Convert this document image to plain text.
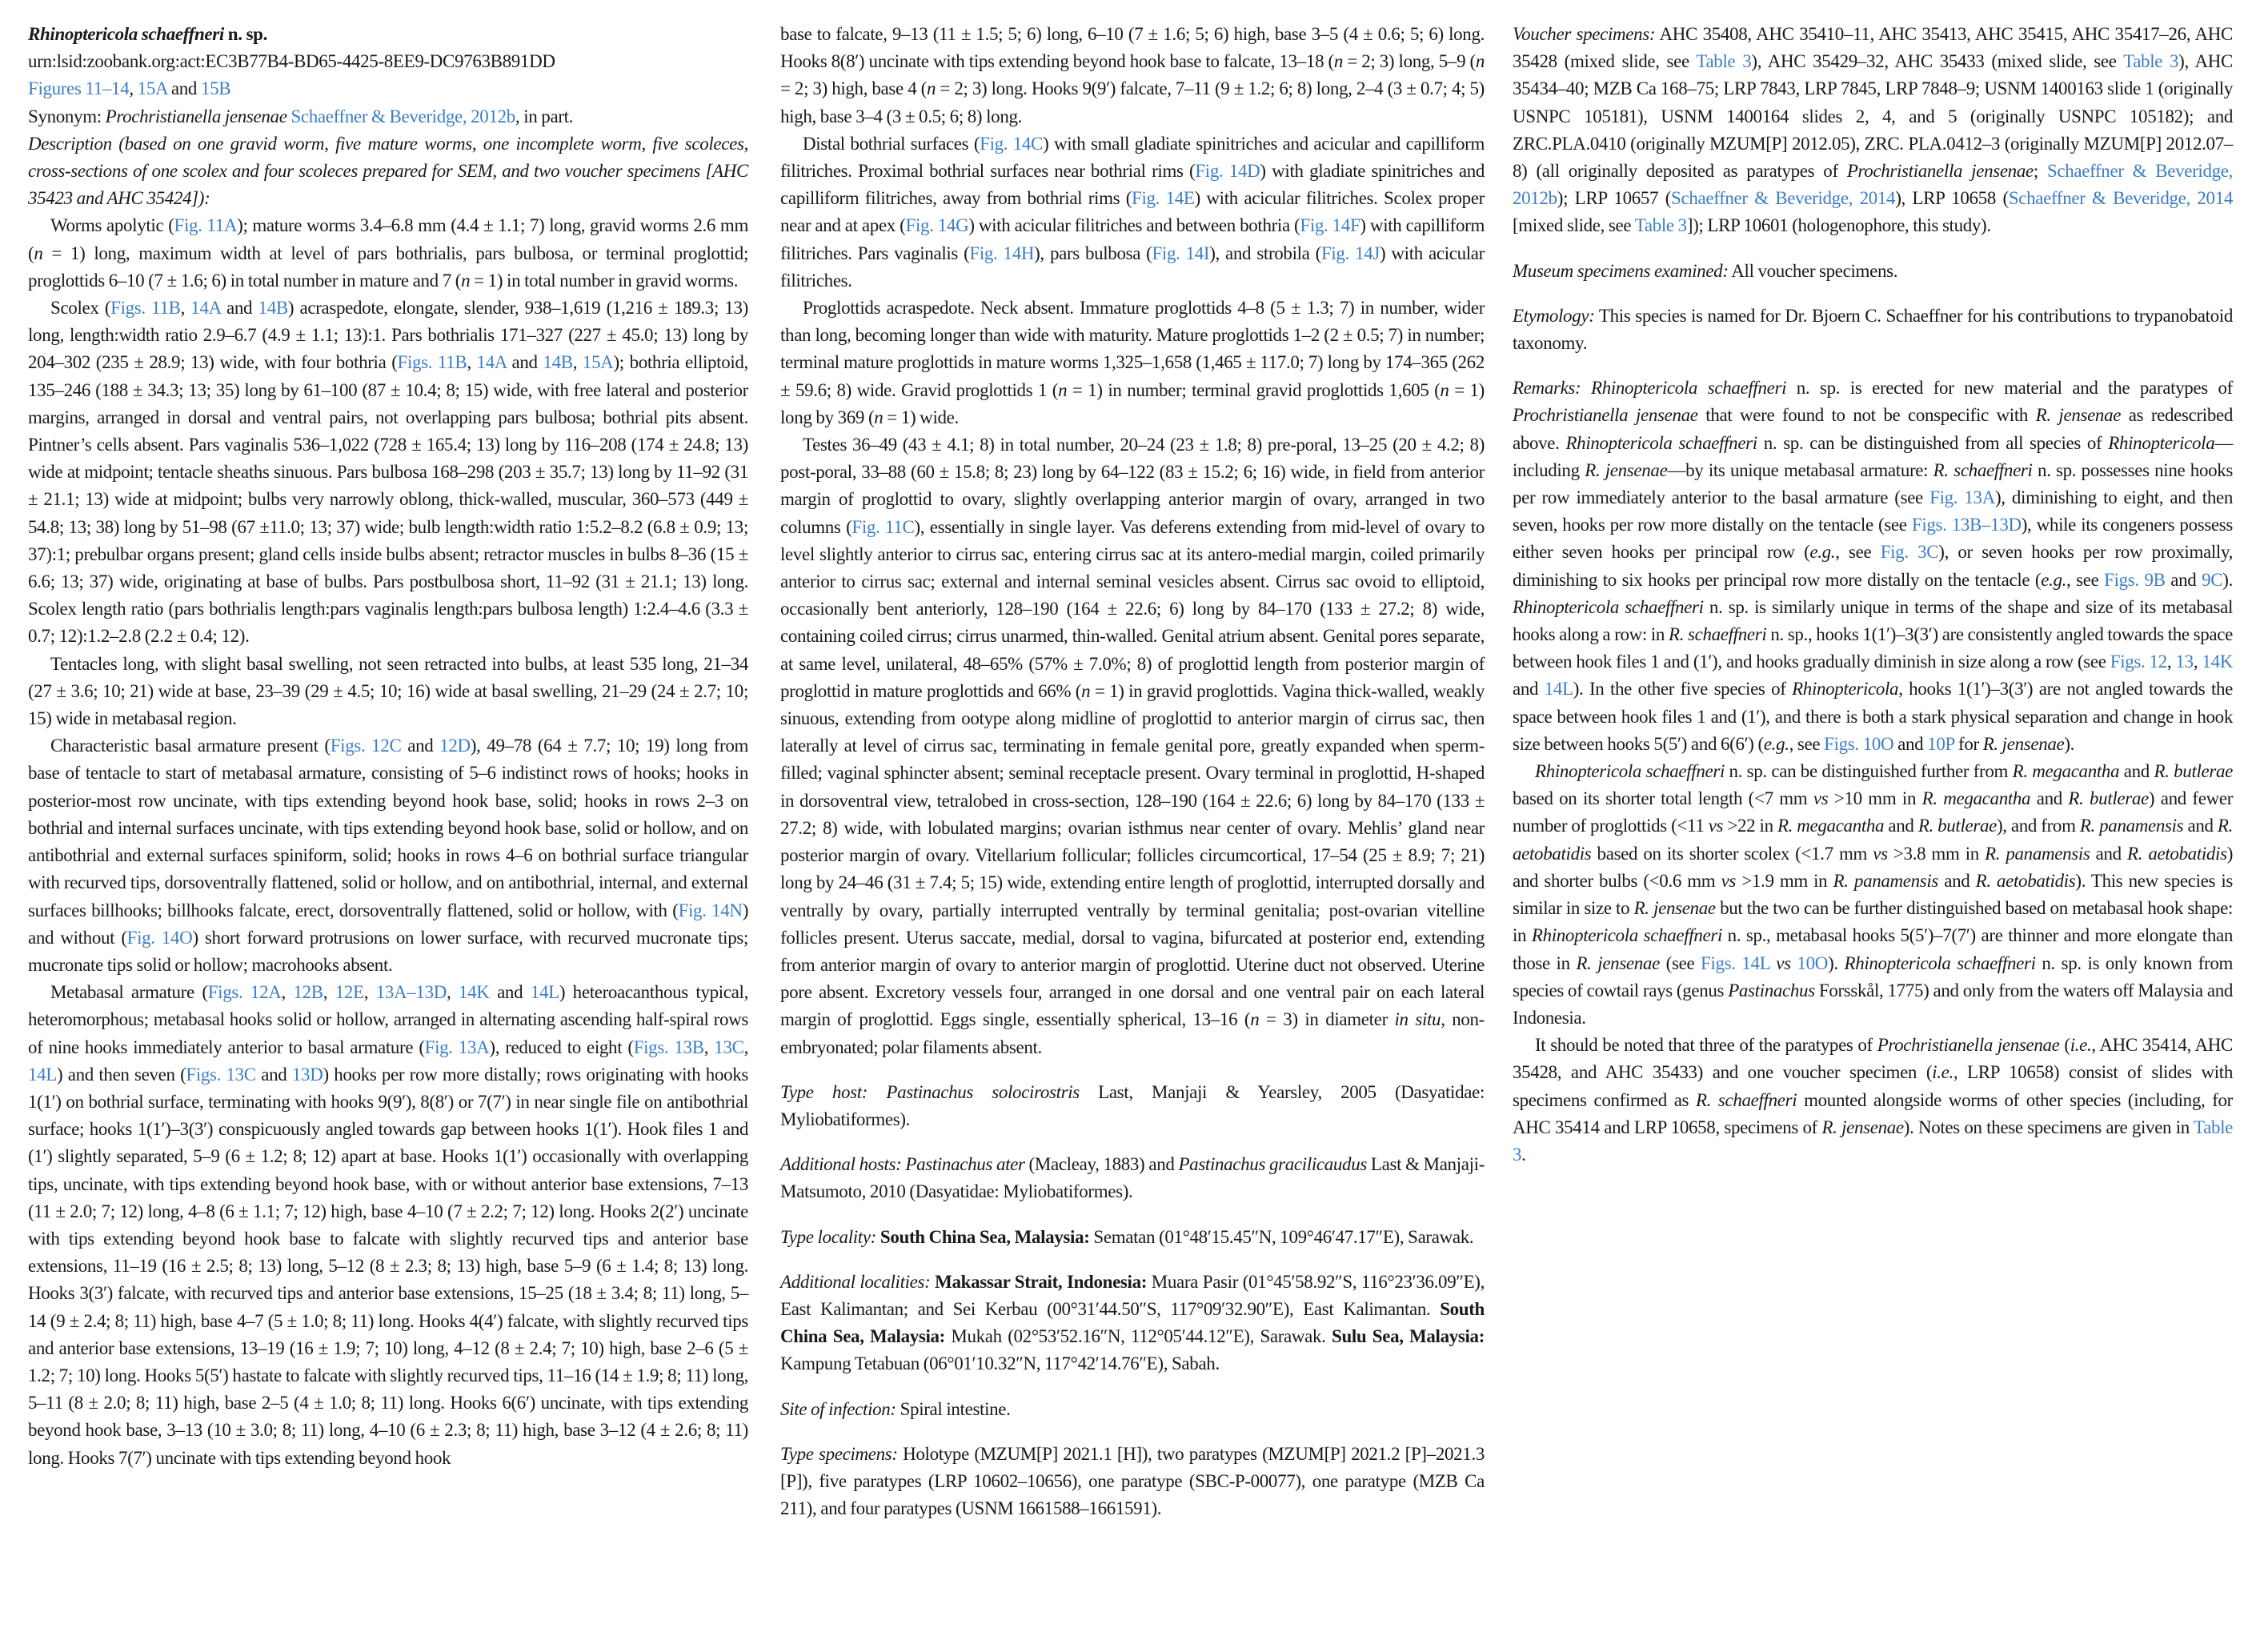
Rhinoptericola schaeffneri n. sp.

urn:lsid:zoobank.org:act:EC3B77B4-BD65-4425-8EE9-DC9763B891DD

Figures 11–14, 15A and 15B

Synonym: Prochristianella jensenae Schaeffner & Beveridge, 2012b, in part.

Description (based on one gravid worm, five mature worms, one incomplete worm, five scoleces, cross-sections of one scolex and four scoleces prepared for SEM, and two voucher specimens [AHC 35423 and AHC 35424]):

Worms apolytic (Fig. 11A); mature worms 3.4–6.8 mm (4.4 ± 1.1; 7) long, gravid worms 2.6 mm (n = 1) long, maximum width at level of pars bothrialis, pars bulbosa, or terminal proglottid; proglottids 6–10 (7 ± 1.6; 6) in total number in mature and 7 (n = 1) in total number in gravid worms.

Scolex (Figs. 11B, 14A and 14B) acraspedote, elongate, slender, 938–1,619 (1,216 ± 189.3; 13) long, length:width ratio 2.9–6.7 (4.9 ± 1.1; 13):1. Pars bothrialis 171–327 (227 ± 45.0; 13) long by 204–302 (235 ± 28.9; 13) wide, with four bothria (Figs. 11B, 14A and 14B, 15A); bothria elliptoid, 135–246 (188 ± 34.3; 13; 35) long by 61–100 (87 ± 10.4; 8; 15) wide, with free lateral and posterior margins, arranged in dorsal and ventral pairs, not overlapping pars bulbosa; bothrial pits absent. Pintner’s cells absent. Pars vaginalis 536–1,022 (728 ± 165.4; 13) long by 116–208 (174 ± 24.8; 13) wide at midpoint; tentacle sheaths sinuous. Pars bulbosa 168–298 (203 ± 35.7; 13) long by 11–92 (31 ± 21.1; 13) wide at midpoint; bulbs very narrowly oblong, thick-walled, muscular, 360–573 (449 ± 54.8; 13; 38) long by 51–98 (67 ±11.0; 13; 37) wide; bulb length:width ratio 1:5.2–8.2 (6.8 ± 0.9; 13; 37):1; prebulbar organs present; gland cells inside bulbs absent; retractor muscles in bulbs 8–36 (15 ± 6.6; 13; 37) wide, originating at base of bulbs. Pars postbulbosa short, 11–92 (31 ± 21.1; 13) long. Scolex length ratio (pars bothrialis length:pars vaginalis length:pars bulbosa length) 1:2.4–4.6 (3.3 ± 0.7; 12):1.2–2.8 (2.2 ± 0.4; 12).

Tentacles long, with slight basal swelling, not seen retracted into bulbs, at least 535 long, 21–34 (27 ± 3.6; 10; 21) wide at base, 23–39 (29 ± 4.5; 10; 16) wide at basal swelling, 21–29 (24 ± 2.7; 10; 15) wide in metabasal region.

Characteristic basal armature present (Figs. 12C and 12D), 49–78 (64 ± 7.7; 10; 19) long from base of tentacle to start of metabasal armature, consisting of 5–6 indistinct rows of hooks; hooks in posterior-most row uncinate, with tips extending beyond hook base, solid; hooks in rows 2–3 on bothrial and internal surfaces uncinate, with tips extending beyond hook base, solid or hollow, and on antibothrial and external surfaces spiniform, solid; hooks in rows 4–6 on bothrial surface triangular with recurved tips, dorsoventrally flattened, solid or hollow, and on antibothrial, internal, and external surfaces billhooks; billhooks falcate, erect, dorsoventrally flattened, solid or hollow, with (Fig. 14N) and without (Fig. 14O) short forward protrusions on lower surface, with recurved mucronate tips; mucronate tips solid or hollow; macrohooks absent.

Metabasal armature (Figs. 12A, 12B, 12E, 13A–13D, 14K and 14L) heteroacanthous typical, heteromorphous; metabasal hooks solid or hollow, arranged in alternating ascending half-spiral rows of nine hooks immediately anterior to basal armature (Fig. 13A), reduced to eight (Figs. 13B, 13C, 14L) and then seven (Figs. 13C and 13D) hooks per row more distally; rows originating with hooks 1(1′) on bothrial surface, terminating with hooks 9(9′), 8(8′) or 7(7′) in near single file on antibothrial surface; hooks 1(1′)–3(3′) conspicuously angled towards gap between hooks 1(1′). Hook files 1 and (1′) slightly separated, 5–9 (6 ± 1.2; 8; 12) apart at base. Hooks 1(1′) occasionally with overlapping tips, uncinate, with tips extending beyond hook base, with or without anterior base extensions, 7–13 (11 ± 2.0; 7; 12) long, 4–8 (6 ± 1.1; 7; 12) high, base 4–10 (7 ± 2.2; 7; 12) long. Hooks 2(2′) uncinate with tips extending beyond hook base to falcate with slightly recurved tips and anterior base extensions, 11–19 (16 ± 2.5; 8; 13) long, 5–12 (8 ± 2.3; 8; 13) high, base 5–9 (6 ± 1.4; 8; 13) long. Hooks 3(3′) falcate, with recurved tips and anterior base extensions, 15–25 (18 ± 3.4; 8; 11) long, 5–14 (9 ± 2.4; 8; 11) high, base 4–7 (5 ± 1.0; 8; 11) long. Hooks 4(4′) falcate, with slightly recurved tips and anterior base extensions, 13–19 (16 ± 1.9; 7; 10) long, 4–12 (8 ± 2.4; 7; 10) high, base 2–6 (5 ± 1.2; 7; 10) long. Hooks 5(5′) hastate to falcate with slightly recurved tips, 11–16 (14 ± 1.9; 8; 11) long, 5–11 (8 ± 2.0; 8; 11) high, base 2–5 (4 ± 1.0; 8; 11) long. Hooks 6(6′) uncinate, with tips extending beyond hook base, 3–13 (10 ± 3.0; 8; 11) long, 4–10 (6 ± 2.3; 8; 11) high, base 3–12 (4 ± 2.6; 8; 11) long. Hooks 7(7′) uncinate with tips extending beyond hook

base to falcate, 9–13 (11 ± 1.5; 5; 6) long, 6–10 (7 ± 1.6; 5; 6) high, base 3–5 (4 ± 0.6; 5; 6) long. Hooks 8(8′) uncinate with tips extending beyond hook base to falcate, 13–18 (n = 2; 3) long, 5–9 (n = 2; 3) high, base 4 (n = 2; 3) long. Hooks 9(9′) falcate, 7–11 (9 ± 1.2; 6; 8) long, 2–4 (3 ± 0.7; 4; 5) high, base 3–4 (3 ± 0.5; 6; 8) long.

Distal bothrial surfaces (Fig. 14C) with small gladiate spinitriches and acicular and capilliform filitriches. Proximal bothrial surfaces near bothrial rims (Fig. 14D) with gladiate spinitriches and capilliform filitriches, away from bothrial rims (Fig. 14E) with acicular filitriches. Scolex proper near and at apex (Fig. 14G) with acicular filitriches and between bothria (Fig. 14F) with capilliform filitriches. Pars vaginalis (Fig. 14H), pars bulbosa (Fig. 14I), and strobila (Fig. 14J) with acicular filitriches.

Proglottids acraspedote. Neck absent. Immature proglottids 4–8 (5 ± 1.3; 7) in number, wider than long, becoming longer than wide with maturity. Mature proglottids 1–2 (2 ± 0.5; 7) in number; terminal mature proglottids in mature worms 1,325–1,658 (1,465 ± 117.0; 7) long by 174–365 (262 ± 59.6; 8) wide. Gravid proglottids 1 (n = 1) in number; terminal gravid proglottids 1,605 (n = 1) long by 369 (n = 1) wide.

Testes 36–49 (43 ± 4.1; 8) in total number, 20–24 (23 ± 1.8; 8) pre-poral, 13–25 (20 ± 4.2; 8) post-poral, 33–88 (60 ± 15.8; 8; 23) long by 64–122 (83 ± 15.2; 6; 16) wide, in field from anterior margin of proglottid to ovary, slightly overlapping anterior margin of ovary, arranged in two columns (Fig. 11C), essentially in single layer. Vas deferens extending from mid-level of ovary to level slightly anterior to cirrus sac, entering cirrus sac at its antero-medial margin, coiled primarily anterior to cirrus sac; external and internal seminal vesicles absent. Cirrus sac ovoid to elliptoid, occasionally bent anteriorly, 128–190 (164 ± 22.6; 6) long by 84–170 (133 ± 27.2; 8) wide, containing coiled cirrus; cirrus unarmed, thin-walled. Genital atrium absent. Genital pores separate, at same level, unilateral, 48–65% (57% ± 7.0%; 8) of proglottid length from posterior margin of proglottid in mature proglottids and 66% (n = 1) in gravid proglottids. Vagina thick-walled, weakly sinuous, extending from ootype along midline of proglottid to anterior margin of cirrus sac, then laterally at level of cirrus sac, terminating in female genital pore, greatly expanded when sperm-filled; vaginal sphincter absent; seminal receptacle present. Ovary terminal in proglottid, H-shaped in dorsoventral view, tetralobed in cross-section, 128–190 (164 ± 22.6; 6) long by 84–170 (133 ± 27.2; 8) wide, with lobulated margins; ovarian isthmus near center of ovary. Mehlis’ gland near posterior margin of ovary. Vitellarium follicular; follicles circumcortical, 17–54 (25 ± 8.9; 7; 21) long by 24–46 (31 ± 7.4; 5; 15) wide, extending entire length of proglottid, interrupted dorsally and ventrally by ovary, partially interrupted ventrally by terminal genitalia; post-ovarian vitelline follicles present. Uterus saccate, medial, dorsal to vagina, bifurcated at posterior end, extending from anterior margin of ovary to anterior margin of proglottid. Uterine duct not observed. Uterine pore absent. Excretory vessels four, arranged in one dorsal and one ventral pair on each lateral margin of proglottid. Eggs single, essentially spherical, 13–16 (n = 3) in diameter in situ, non-embryonated; polar filaments absent.

Type host: Pastinachus solocirostris Last, Manjaji & Yearsley, 2005 (Dasyatidae: Myliobatiformes).

Additional hosts: Pastinachus ater (Macleay, 1883) and Pastinachus gracilicaudus Last & Manjaji-Matsumoto, 2010 (Dasyatidae: Myliobatiformes).

Type locality: South China Sea, Malaysia: Sematan (01°48′15.45″N, 109°46′47.17″E), Sarawak.

Additional localities: Makassar Strait, Indonesia: Muara Pasir (01°45′58.92″S, 116°23′36.09″E), East Kalimantan; and Sei Kerbau (00°31′44.50″S, 117°09′32.90″E), East Kalimantan. South China Sea, Malaysia: Mukah (02°53′52.16″N, 112°05′44.12″E), Sarawak. Sulu Sea, Malaysia: Kampung Tetabuan (06°01′10.32″N, 117°42′14.76″E), Sabah.

Site of infection: Spiral intestine.

Type specimens: Holotype (MZUM[P] 2021.1 [H]), two paratypes (MZUM[P] 2021.2 [P]–2021.3 [P]), five paratypes (LRP 10602–10656), one paratype (SBC-P-00077), one paratype (MZB Ca 211), and four paratypes (USNM 1661588–1661591).

Voucher specimens: AHC 35408, AHC 35410–11, AHC 35413, AHC 35415, AHC 35417–26, AHC 35428 (mixed slide, see Table 3), AHC 35429–32, AHC 35433 (mixed slide, see Table 3), AHC 35434–40; MZB Ca 168–75; LRP 7843, LRP 7845, LRP 7848–9; USNM 1400163 slide 1 (originally USNPC 105181), USNM 1400164 slides 2, 4, and 5 (originally USNPC 105182); and ZRC.PLA.0410 (originally MZUM[P] 2012.05), ZRC. PLA.0412–3 (originally MZUM[P] 2012.07–8) (all originally deposited as paratypes of Prochristianella jensenae; Schaeffner & Beveridge, 2012b); LRP 10657 (Schaeffner & Beveridge, 2014), LRP 10658 (Schaeffner & Beveridge, 2014 [mixed slide, see Table 3]); LRP 10601 (hologenophore, this study).

Museum specimens examined: All voucher specimens.

Etymology: This species is named for Dr. Bjoern C. Schaeffner for his contributions to trypanobatoid taxonomy.

Remarks: Rhinoptericola schaeffneri n. sp. is erected for new material and the paratypes of Prochristianella jensenae that were found to not be conspecific with R. jensenae as redescribed above. Rhinoptericola schaeffneri n. sp. can be distinguished from all species of Rhinoptericola—including R. jensenae—by its unique metabasal armature: R. schaeffneri n. sp. possesses nine hooks per row immediately anterior to the basal armature (see Fig. 13A), diminishing to eight, and then seven, hooks per row more distally on the tentacle (see Figs. 13B–13D), while its congeners possess either seven hooks per principal row (e.g., see Fig. 3C), or seven hooks per row proximally, diminishing to six hooks per principal row more distally on the tentacle (e.g., see Figs. 9B and 9C). Rhinoptericola schaeffneri n. sp. is similarly unique in terms of the shape and size of its metabasal hooks along a row: in R. schaeffneri n. sp., hooks 1(1′)–3(3′) are consistently angled towards the space between hook files 1 and (1′), and hooks gradually diminish in size along a row (see Figs. 12, 13, 14K and 14L). In the other five species of Rhinoptericola, hooks 1(1′)–3(3′) are not angled towards the space between hook files 1 and (1′), and there is both a stark physical separation and change in hook size between hooks 5(5′) and 6(6′) (e.g., see Figs. 10O and 10P for R. jensenae).

Rhinoptericola schaeffneri n. sp. can be distinguished further from R. megacantha and R. butlerae based on its shorter total length (<7 mm vs >10 mm in R. megacantha and R. butlerae) and fewer number of proglottids (<11 vs >22 in R. megacantha and R. butlerae), and from R. panamensis and R. aetobatidis based on its shorter scolex (<1.7 mm vs >3.8 mm in R. panamensis and R. aetobatidis) and shorter bulbs (<0.6 mm vs >1.9 mm in R. panamensis and R. aetobatidis). This new species is similar in size to R. jensenae but the two can be further distinguished based on metabasal hook shape: in Rhinoptericola schaeffneri n. sp., metabasal hooks 5(5′)–7(7′) are thinner and more elongate than those in R. jensenae (see Figs. 14L vs 10O). Rhinoptericola schaeffneri n. sp. is only known from species of cowtail rays (genus Pastinachus Forsskål, 1775) and only from the waters off Malaysia and Indonesia.

It should be noted that three of the paratypes of Prochristianella jensenae (i.e., AHC 35414, AHC 35428, and AHC 35433) and one voucher specimen (i.e., LRP 10658) consist of slides with specimens confirmed as R. schaeffneri mounted alongside worms of other species (including, for AHC 35414 and LRP 10658, specimens of R. jensenae). Notes on these specimens are given in Table 3.
